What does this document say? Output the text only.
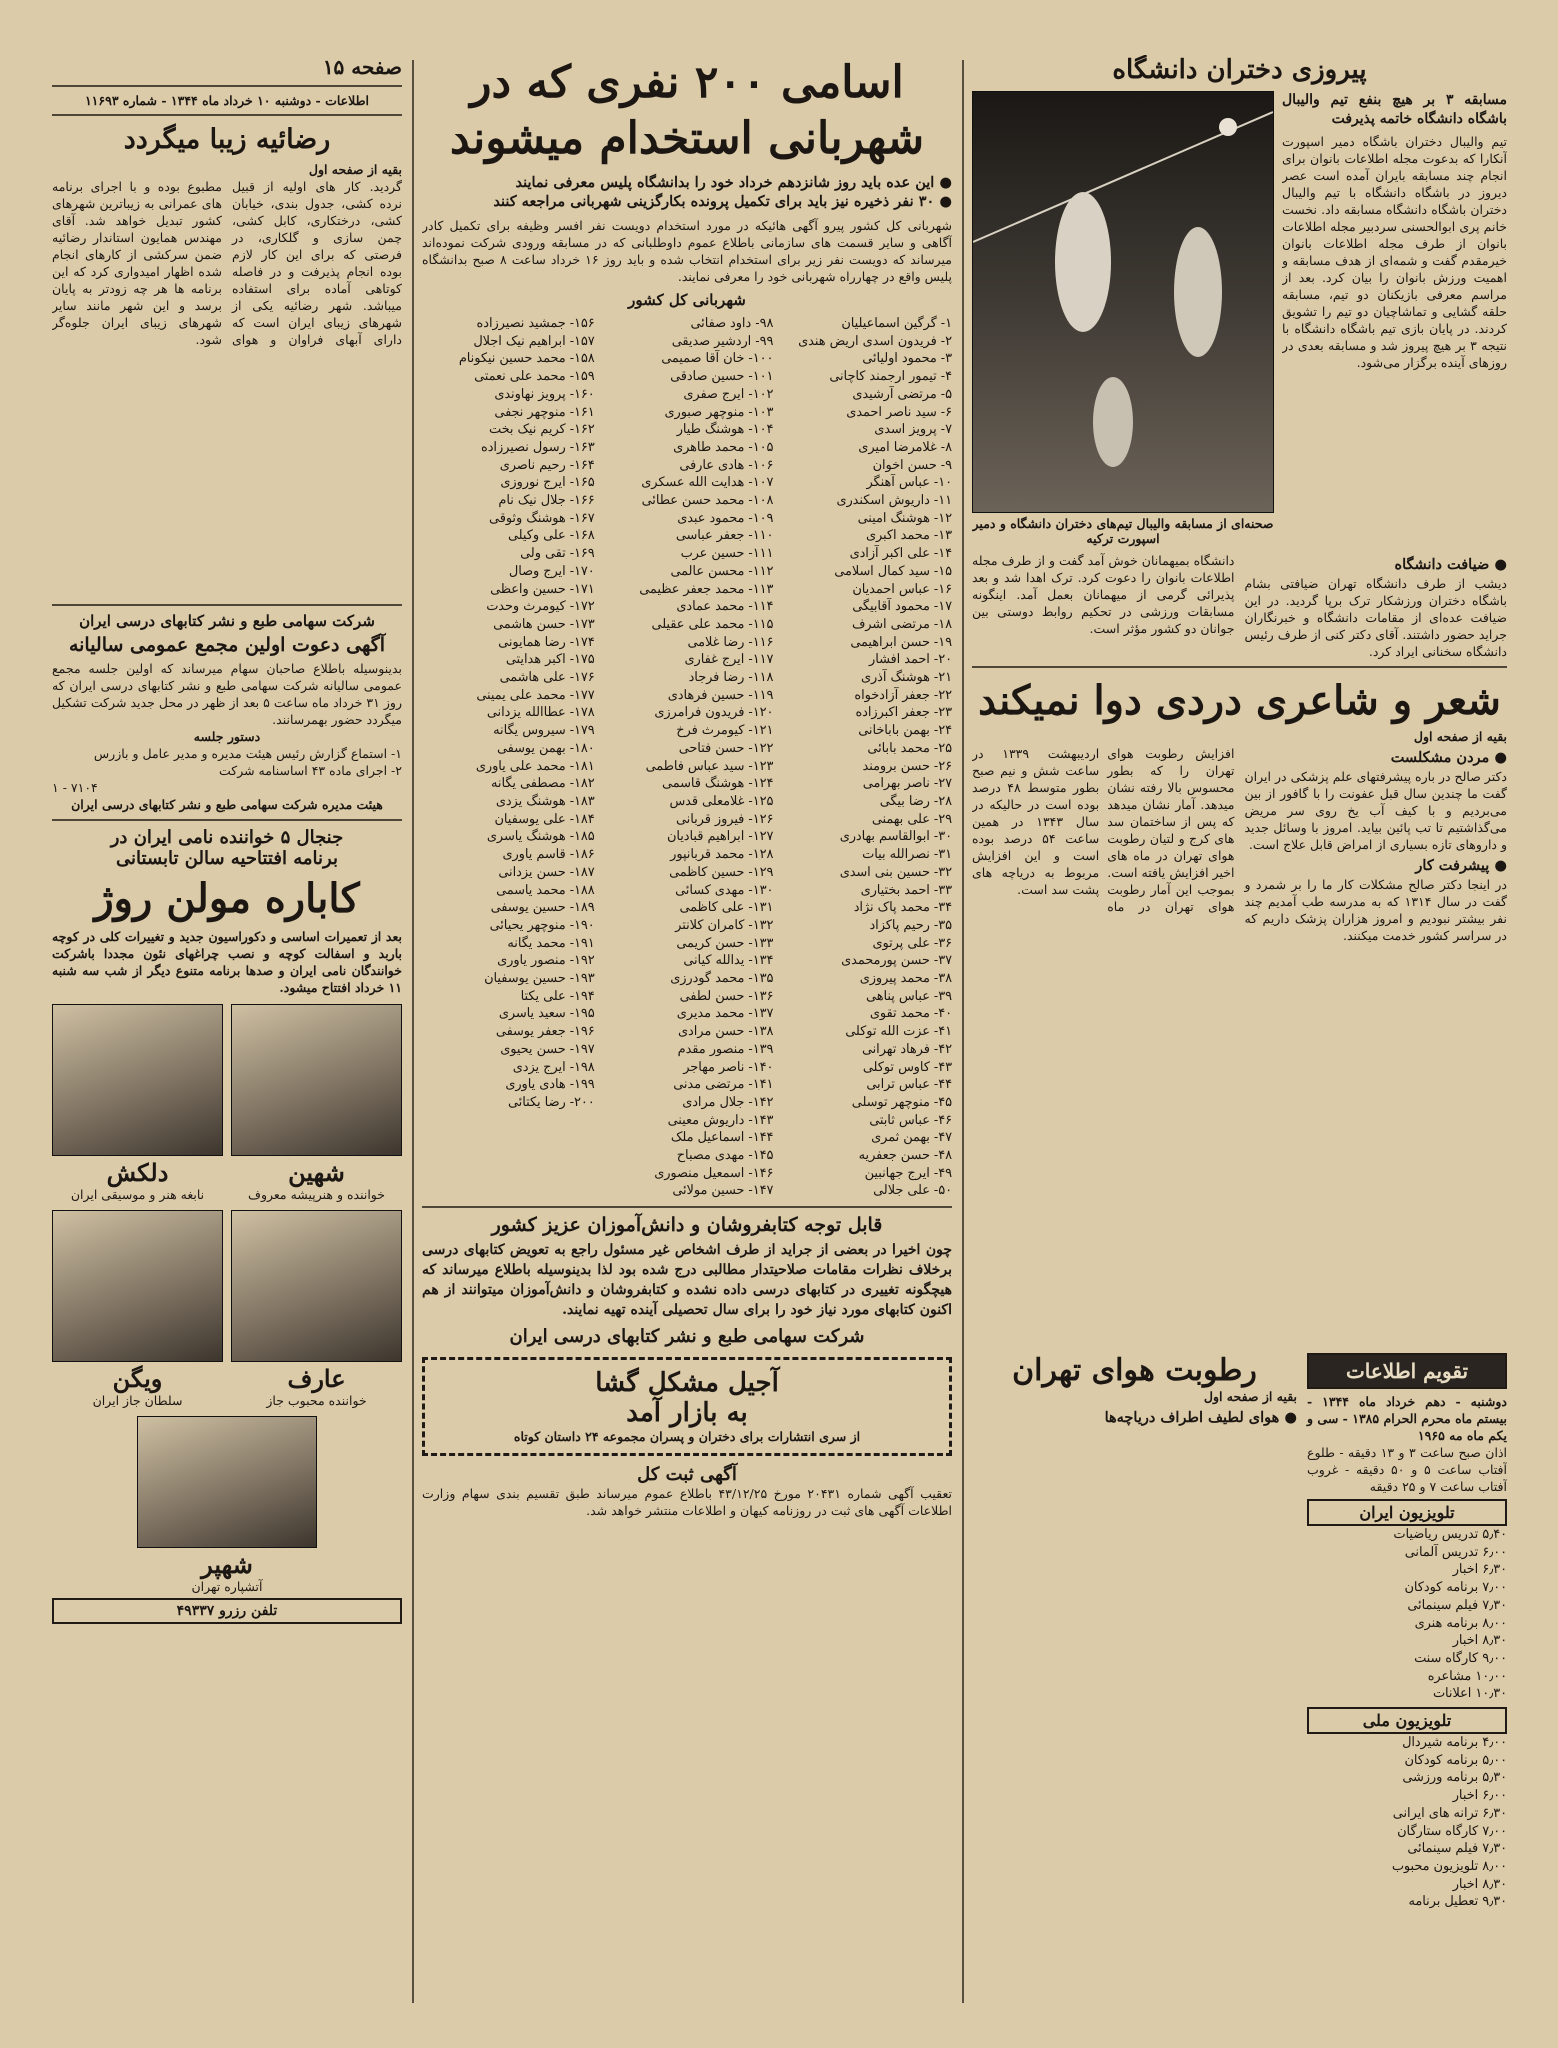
صفحه ۱۵
اطلاعات - دوشنبه ۱۰ خرداد ماه ۱۳۴۴ - شماره ۱۱۶۹۳
رضائیه زیبا میگردد
بقیه از صفحه اول
گردید. کار های اولیه از قبیل نرده کشی، جدول بندی، خیابان کشی، درختکاری، کابل کشی، چمن سازی و گلکاری، در فرصتی که برای این کار لازم بوده انجام پذیرفت و در فاصله کوتاهی آماده برای استفاده میباشد. شهر رضائیه یکی از شهرهای زیبای ایران است که دارای آبهای فراوان و هوای مطبوع بوده و با اجرای برنامه های عمرانی به زیباترین شهرهای کشور تبدیل خواهد شد. آقای مهندس همایون استاندار رضائیه ضمن سرکشی از کارهای انجام شده اظهار امیدواری کرد که این برنامه ها هر چه زودتر به پایان برسد و این شهر مانند سایر شهرهای زیبای ایران جلوه‌گر شود.
شرکت سهامی طبع و نشر کتابهای درسی ایران
آگهی دعوت اولین مجمع عمومی سالیانه
بدینوسیله باطلاع صاحبان سهام میرساند که اولین جلسه مجمع عمومی سالیانه شرکت سهامی طبع و نشر کتابهای درسی ایران که روز ۳۱ خرداد ماه ساعت ۵ بعد از ظهر در محل جدید شرکت تشکیل میگردد حضور بهمرسانند.
دستور جلسه
۱- استماع گزارش رئیس هیئت مدیره و مدیر عامل و بازرس
۲- اجرای ماده ۴۳ اساسنامه شرکت
۷۱۰۴ - ۱
هیئت مدیره شرکت سهامی طبع و نشر کتابهای درسی ایران
جنجال ۵ خواننده نامی ایران در
برنامه افتتاحیه سالن تابستانی
کاباره مولن روژ
بعد از تعمیرات اساسی و دکوراسیون جدید و تغییرات کلی در کوچه باربد و اسفالت کوچه و نصب چراغهای نئون مجددا باشرکت خوانندگان نامی ایران و صدها برنامه متنوع دیگر از شب سه شنبه ۱۱ خرداد افتتاح میشود.
شهین
خواننده و هنرپیشه معروف
دلکش
نابغه هنر و موسیقی ایران
عارف
خواننده محبوب جاز
ویگن
سلطان جاز ایران
شهپر
آتشپاره تهران
تلفن رزرو ۴۹۳۳۷
اسامی ۲۰۰ نفری که در
شهربانی استخدام میشوند
● این عده باید روز شانزدهم خرداد خود را بدانشگاه پلیس معرفی نمایند
● ۳۰ نفر ذخیره نیز باید برای تکمیل پرونده بکارگزینی شهربانی مراجعه کنند
شهربانی کل کشور پیرو آگهی هائیکه در مورد استخدام دویست نفر افسر وظیفه برای تکمیل کادر آگاهی و سایر قسمت های سازمانی باطلاع عموم داوطلبانی که در مسابقه ورودی شرکت نموده‌اند میرساند که دویست نفر زیر برای استخدام انتخاب شده و باید روز ۱۶ خرداد ساعت ۸ صبح بدانشگاه پلیس واقع در چهارراه شهربانی خود را معرفی نمایند.
شهربانی کل کشور
۱- گرگین اسماعیلیان
۲- فریدون اسدی اریض هندی
۳- محمود اولیائی
۴- تیمور ارجمند کاچانی
۵- مرتضی آرشیدی
۶- سید ناصر احمدی
۷- پرویز اسدی
۸- غلامرضا امیری
۹- حسن اخوان
۱۰- عباس آهنگر
۱۱- داریوش اسکندری
۱۲- هوشنگ امینی
۱۳- محمد اکبری
۱۴- علی اکبر آزادی
۱۵- سید کمال اسلامی
۱۶- عباس احمدیان
۱۷- محمود آقابیگی
۱۸- مرتضی اشرف
۱۹- حسن ابراهیمی
۲۰- احمد افشار
۲۱- هوشنگ آذری
۲۲- جعفر آزادخواه
۲۳- جعفر اکبرزاده
۲۴- بهمن باباخانی
۲۵- محمد بابائی
۲۶- حسن برومند
۲۷- ناصر بهرامی
۲۸- رضا بیگی
۲۹- علی بهمنی
۳۰- ابوالقاسم بهادری
۳۱- نصرالله بیات
۳۲- حسین بنی اسدی
۳۳- احمد بختیاری
۳۴- محمد پاک نژاد
۳۵- رحیم پاکزاد
۳۶- علی پرتوی
۳۷- حسن پورمحمدی
۳۸- محمد پیروزی
۳۹- عباس پناهی
۴۰- محمد تقوی
۴۱- عزت الله توکلی
۴۲- فرهاد تهرانی
۴۳- کاوس توکلی
۴۴- عباس ترابی
۴۵- منوچهر توسلی
۴۶- عباس ثابتی
۴۷- بهمن ثمری
۴۸- حسن جعفریه
۴۹- ایرج جهانبین
۵۰- علی جلالی
۹۸- داود صفائی
۹۹- اردشیر صدیقی
۱۰۰- خان آقا صمیمی
۱۰۱- حسین صادقی
۱۰۲- ایرج صفری
۱۰۳- منوچهر صبوری
۱۰۴- هوشنگ طیار
۱۰۵- محمد طاهری
۱۰۶- هادی عارفی
۱۰۷- هدایت الله عسکری
۱۰۸- محمد حسن عطائی
۱۰۹- محمود عبدی
۱۱۰- جعفر عباسی
۱۱۱- حسین عرب
۱۱۲- محسن عالمی
۱۱۳- محمد جعفر عظیمی
۱۱۴- محمد عمادی
۱۱۵- محمد علی عقیلی
۱۱۶- رضا غلامی
۱۱۷- ایرج غفاری
۱۱۸- رضا فرجاد
۱۱۹- حسین فرهادی
۱۲۰- فریدون فرامرزی
۱۲۱- کیومرث فرخ
۱۲۲- حسن فتاحی
۱۲۳- سید عباس فاطمی
۱۲۴- هوشنگ قاسمی
۱۲۵- غلامعلی قدس
۱۲۶- فیروز قربانی
۱۲۷- ابراهیم قبادیان
۱۲۸- محمد قربانپور
۱۲۹- حسین کاظمی
۱۳۰- مهدی کسائی
۱۳۱- علی کاظمی
۱۳۲- کامران کلانتر
۱۳۳- حسن کریمی
۱۳۴- یدالله کیانی
۱۳۵- محمد گودرزی
۱۳۶- حسن لطفی
۱۳۷- محمد مدیری
۱۳۸- حسن مرادی
۱۳۹- منصور مقدم
۱۴۰- ناصر مهاجر
۱۴۱- مرتضی مدنی
۱۴۲- جلال مرادی
۱۴۳- داریوش معینی
۱۴۴- اسماعیل ملک
۱۴۵- مهدی مصباح
۱۴۶- اسمعیل منصوری
۱۴۷- حسین مولائی
۱۵۶- جمشید نصیرزاده
۱۵۷- ابراهیم نیک اجلال
۱۵۸- محمد حسین نیکونام
۱۵۹- محمد علی نعمتی
۱۶۰- پرویز نهاوندی
۱۶۱- منوچهر نجفی
۱۶۲- کریم نیک بخت
۱۶۳- رسول نصیرزاده
۱۶۴- رحیم ناصری
۱۶۵- ایرج نوروزی
۱۶۶- جلال نیک نام
۱۶۷- هوشنگ وثوقی
۱۶۸- علی وکیلی
۱۶۹- تقی ولی
۱۷۰- ایرج وصال
۱۷۱- حسین واعظی
۱۷۲- کیومرث وحدت
۱۷۳- حسن هاشمی
۱۷۴- رضا همایونی
۱۷۵- اکبر هدایتی
۱۷۶- علی هاشمی
۱۷۷- محمد علی یمینی
۱۷۸- عطاالله یزدانی
۱۷۹- سیروس یگانه
۱۸۰- بهمن یوسفی
۱۸۱- محمد علی یاوری
۱۸۲- مصطفی یگانه
۱۸۳- هوشنگ یزدی
۱۸۴- علی یوسفیان
۱۸۵- هوشنگ یاسری
۱۸۶- قاسم یاوری
۱۸۷- حسن یزدانی
۱۸۸- محمد یاسمی
۱۸۹- حسین یوسفی
۱۹۰- منوچهر یحیائی
۱۹۱- محمد یگانه
۱۹۲- منصور یاوری
۱۹۳- حسین یوسفیان
۱۹۴- علی یکتا
۱۹۵- سعید یاسری
۱۹۶- جعفر یوسفی
۱۹۷- حسن یحیوی
۱۹۸- ایرج یزدی
۱۹۹- هادی یاوری
۲۰۰- رضا یکتائی
قابل توجه کتابفروشان و دانش‌آموزان عزیز کشور
چون اخیرا در بعضی از جراید از طرف اشخاص غیر مسئول راجع به تعویض کتابهای درسی برخلاف نظرات مقامات صلاحیتدار مطالبی درج شده بود لذا بدینوسیله باطلاع میرساند که هیچگونه تغییری در کتابهای درسی داده نشده و کتابفروشان و دانش‌آموزان میتوانند از هم اکنون کتابهای مورد نیاز خود را برای سال تحصیلی آینده تهیه نمایند.
شرکت سهامی طبع و نشر کتابهای درسی ایران
آجیل مشکل گشا
به بازار آمد
از سری انتشارات برای دختران و پسران مجموعه ۲۴ داستان کوتاه
آگهی ثبت کل
تعقیب آگهی شماره ۲۰۴۳۱ مورخ ۴۳/۱۲/۲۵ باطلاع عموم میرساند طبق تقسیم بندی سهام وزارت اطلاعات آگهی های ثبت در روزنامه کیهان و اطلاعات منتشر خواهد شد.
پیروزی دختران دانشگاه
مسابقه ۳ بر هیچ بنفع تیم والیبال باشگاه دانشگاه خاتمه پذیرفت
تیم والیبال دختران باشگاه دمیر اسپورت آنکارا که بدعوت مجله اطلاعات بانوان برای انجام چند مسابقه بایران آمده است عصر دیروز در باشگاه دانشگاه با تیم والیبال دختران باشگاه دانشگاه مسابقه داد. نخست خانم پری ابوالحسنی سردبیر مجله اطلاعات بانوان از طرف مجله اطلاعات بانوان خیرمقدم گفت و شمه‌ای از هدف مسابقه و اهمیت ورزش بانوان را بیان کرد. بعد از مراسم معرفی بازیکنان دو تیم، مسابقه حلقه گشایی و تماشاچیان دو تیم را تشویق کردند. در پایان بازی تیم باشگاه دانشگاه با نتیجه ۳ بر هیچ پیروز شد و مسابقه بعدی در روزهای آینده برگزار می‌شود.
صحنه‌ای از مسابقه والیبال تیم‌های دختران دانشگاه و دمیر اسپورت ترکیه
● ضیافت دانشگاه
دیشب از طرف دانشگاه تهران ضیافتی بشام باشگاه دختران ورزشکار ترک برپا گردید. در این ضیافت عده‌ای از مقامات دانشگاه و خبرنگاران جراید حضور داشتند. آقای دکتر کنی از طرف رئیس دانشگاه سخنانی ایراد کرد.
دانشگاه بمیهمانان خوش آمد گفت و از طرف مجله اطلاعات بانوان را دعوت کرد. ترک اهدا شد و بعد پذیرائی گرمی از میهمانان بعمل آمد. اینگونه مسابقات ورزشی در تحکیم روابط دوستی بین جوانان دو کشور مؤثر است.
شعر و شاعری دردی دوا نمیکند
بقیه از صفحه اول
● مردن مشکلست
دکتر صالح در باره پیشرفتهای علم پزشکی در ایران گفت ما چندین سال قبل عفونت را با گافور از بین می‌بردیم و با کیف آب یخ روی سر مریض می‌گذاشتیم تا تب پائین بیاید. امروز با وسائل جدید و داروهای تازه بسیاری از امراض قابل علاج است.
● پیشرفت کار
در اینجا دکتر صالح مشکلات کار ما را بر شمرد و گفت در سال ۱۳۱۴ که به مدرسه طب آمدیم چند نفر بیشتر نبودیم و امروز هزاران پزشک داریم که در سراسر کشور خدمت میکنند.
افزایش رطوبت هوای تهران را که بطور محسوس بالا رفته نشان میدهد. آمار نشان میدهد که پس از ساختمان سد های کرج و لتیان رطوبت هوای تهران در ماه های اخیر افزایش یافته است. بموجب این آمار رطوبت هوای تهران در ماه اردیبهشت ۱۳۳۹ در ساعت شش و نیم صبح بطور متوسط ۴۸ درصد بوده است در حالیکه در سال ۱۳۴۳ در همین ساعت ۵۴ درصد بوده است و این افزایش مربوط به دریاچه های پشت سد است.
تقویم اطلاعات
دوشنبه - دهم خرداد ماه ۱۳۴۴ - بیستم ماه محرم الحرام ۱۳۸۵ - سی و یکم ماه مه ۱۹۶۵
اذان صبح ساعت ۳ و ۱۳ دقیقه - طلوع آفتاب ساعت ۵ و ۵۰ دقیقه - غروب آفتاب ساعت ۷ و ۲۵ دقیقه
تلویزیون ایران
۵٫۴۰ تدریس ریاضیات
۶٫۰۰ تدریس آلمانی
۶٫۳۰ اخبار
۷٫۰۰ برنامه کودکان
۷٫۳۰ فیلم سینمائی
۸٫۰۰ برنامه هنری
۸٫۳۰ اخبار
۹٫۰۰ کارگاه سنت
۱۰٫۰۰ مشاعره
۱۰٫۳۰ اعلانات
تلویزیون ملی
۴٫۰۰ برنامه شیردال
۵٫۰۰ برنامه کودکان
۵٫۳۰ برنامه ورزشی
۶٫۰۰ اخبار
۶٫۳۰ ترانه های ایرانی
۷٫۰۰ کارگاه ستارگان
۷٫۳۰ فیلم سینمائی
۸٫۰۰ تلویزیون محبوب
۸٫۳۰ اخبار
۹٫۳۰ تعطیل برنامه
رطوبت هوای تهران
بقیه از صفحه اول
● هوای لطیف اطراف دریاچه‌ها
